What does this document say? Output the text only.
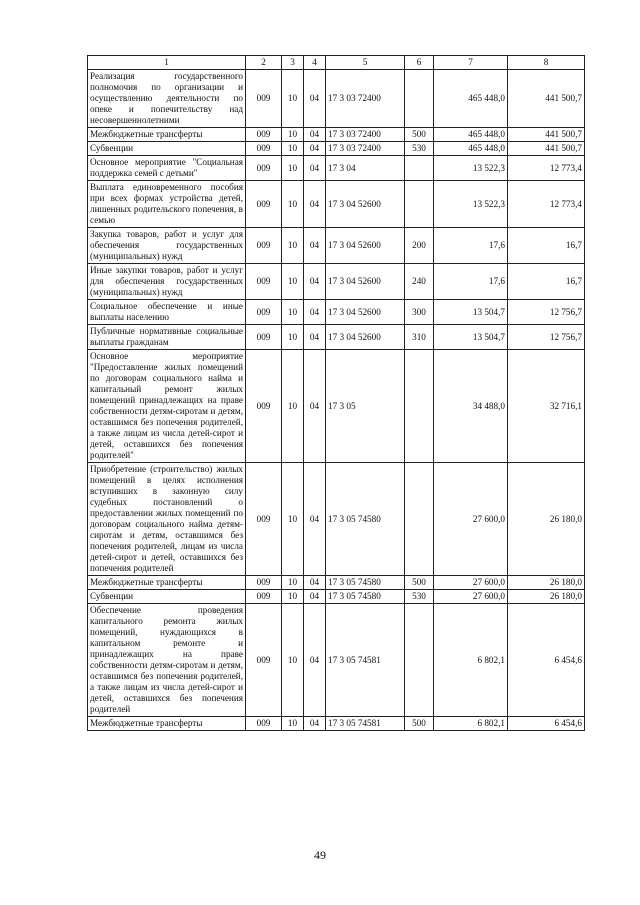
1	2	3	4	5	6	7	8
Реализация государственного полномочия по организации и осуществлению деятельности по опеке и попечительству над несовершеннолетними	009	10	04	17 3 03 72400		465 448,0	441 500,7
Межбюджетные трансферты	009	10	04	17 3 03 72400	500	465 448,0	441 500,7
Субвенции	009	10	04	17 3 03 72400	530	465 448,0	441 500,7
Основное мероприятие "Социальная поддержка семей с детьми"	009	10	04	17 3 04		13 522,3	12 773,4
Выплата единовременного пособия при всех формах устройства детей, лишенных родительского попечения, в семью	009	10	04	17 3 04 52600		13 522,3	12 773,4
Закупка товаров, работ и услуг для обеспечения государственных (муниципальных) нужд	009	10	04	17 3 04 52600	200	17,6	16,7
Иные закупки товаров, работ и услуг для обеспечения государственных (муниципальных) нужд	009	10	04	17 3 04 52600	240	17,6	16,7
Социальное обеспечение и иные выплаты населению	009	10	04	17 3 04 52600	300	13 504,7	12 756,7
Публичные нормативные социальные выплаты гражданам	009	10	04	17 3 04 52600	310	13 504,7	12 756,7
Основное мероприятие "Предоставление жилых помещений по договорам социального найма и капитальный ремонт жилых помещений принадлежащих на праве собственности детям-сиротам и детям, оставшимся без попечения родителей, а также лицам из числа детей-сирот и детей, оставшихся без попечения родителей"	009	10	04	17 3 05		34 488,0	32 716,1
Приобретение (строительство) жилых помещений в целях исполнения вступивших в законную силу судебных постановлений о предоставлении жилых помещений по договорам социального найма детям-сиротам и детям, оставшимся без попечения родителей, лицам из числа детей-сирот и детей, оставшихся без попечения родителей	009	10	04	17 3 05 74580		27 600,0	26 180,0
Межбюджетные трансферты	009	10	04	17 3 05 74580	500	27 600,0	26 180,0
Субвенции	009	10	04	17 3 05 74580	530	27 600,0	26 180,0
Обеспечение проведения капитального ремонта жилых помещений, нуждающихся в капитальном ремонте и принадлежащих на праве собственности детям-сиротам и детям, оставшимся без попечения родителей, а также лицам из числа детей-сирот и детей, оставшихся без попечения родителей	009	10	04	17 3 05 74581		6 802,1	6 454,6
Межбюджетные трансферты	009	10	04	17 3 05 74581	500	6 802,1	6 454,6
49
